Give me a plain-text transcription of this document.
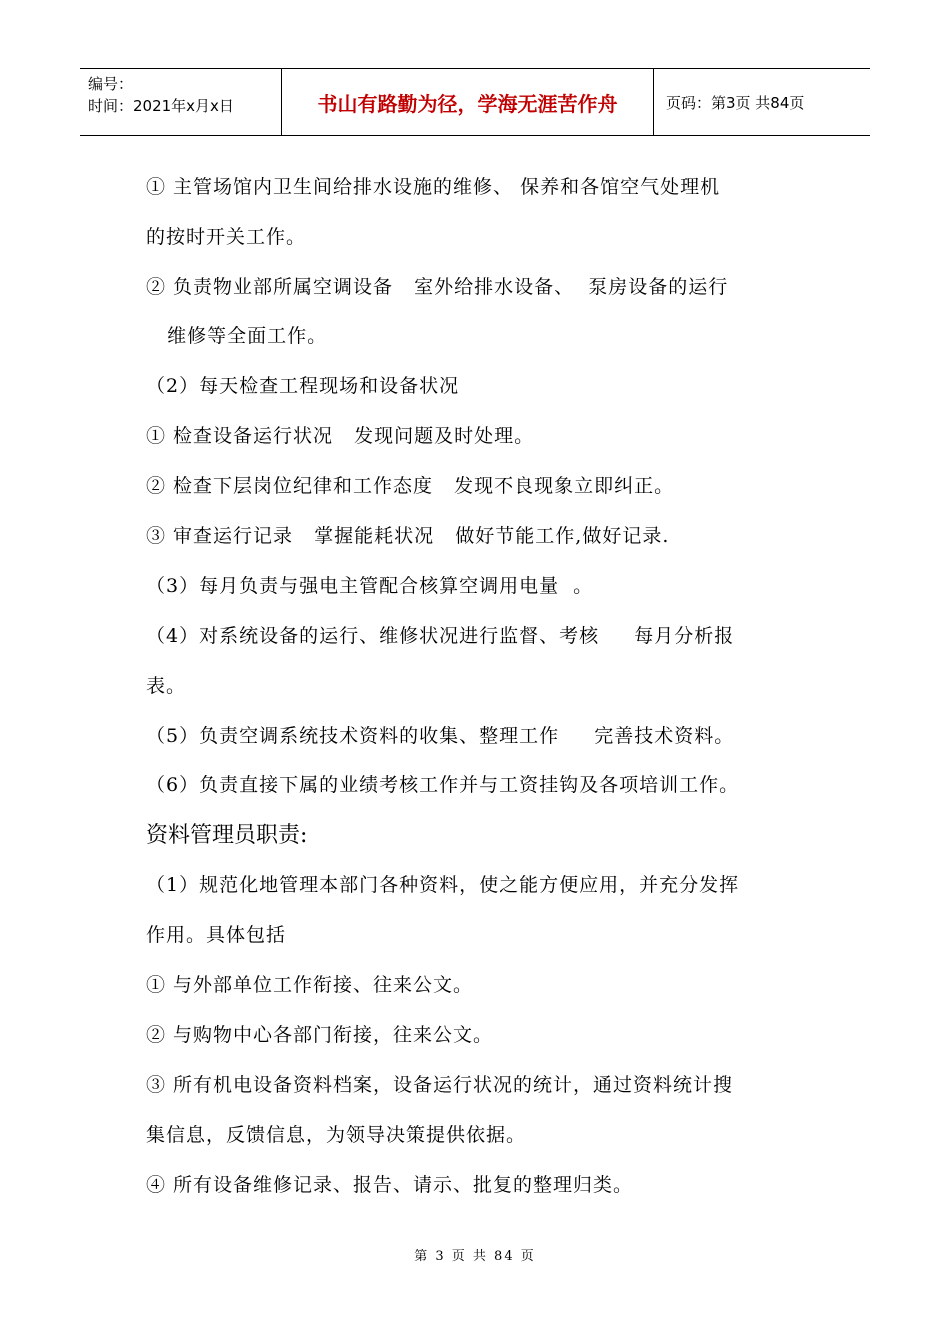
编号：
时间：2021年x月x日	书山有路勤为径，学海无涯苦作舟	页码：第3页 共84页
① 主管场馆内卫生间给排水设施的维修、 保养和各馆空气处理机
的按时开关工作。
② 负责物业部所属空调设备   室外给排水设备、  泵房设备的运行
维修等全面工作。
（2）每天检查工程现场和设备状况
① 检查设备运行状况   发现问题及时处理。
② 检查下层岗位纪律和工作态度   发现不良现象立即纠正。
③ 审查运行记录   掌握能耗状况   做好节能工作,做好记录.
（3）每月负责与强电主管配合核算空调用电量  。
（4）对系统设备的运行、维修状况进行监督、考核     每月分析报
表。
（5）负责空调系统技术资料的收集、整理工作     完善技术资料。
（6）负责直接下属的业绩考核工作并与工资挂钩及各项培训工作。
资料管理员职责:
（1）规范化地管理本部门各种资料，使之能方便应用，并充分发挥
作用。具体包括
① 与外部单位工作衔接、往来公文。
② 与购物中心各部门衔接，往来公文。
③ 所有机电设备资料档案，设备运行状况的统计，通过资料统计搜
集信息，反馈信息，为领导决策提供依据。
④ 所有设备维修记录、报告、请示、批复的整理归类。
第 3 页 共 84 页
